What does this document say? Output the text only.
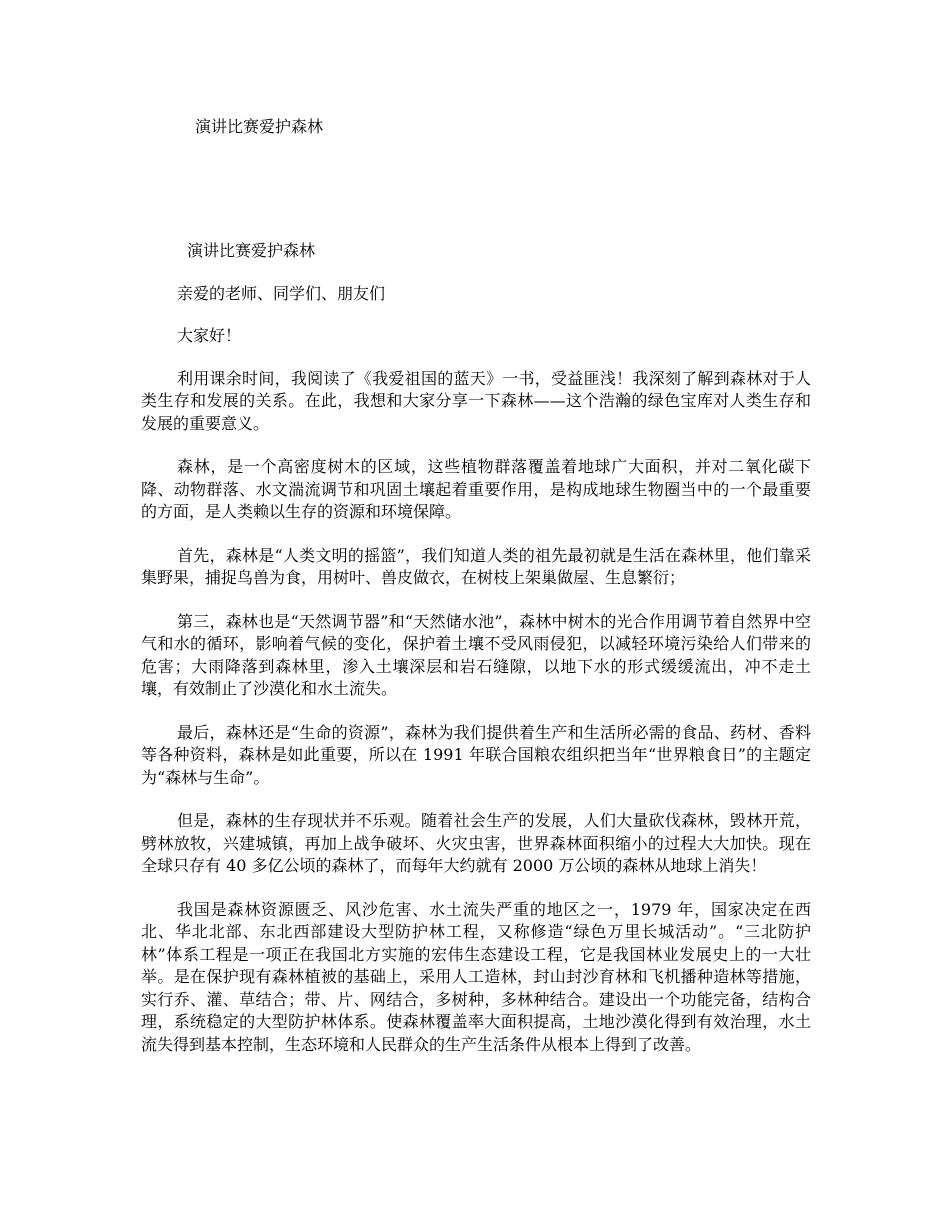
演讲比赛爱护森林
演讲比赛爱护森林

亲爱的老师、同学们、朋友们

大家好！

利用课余时间，我阅读了《我爱祖国的蓝天》一书，受益匪浅！我深刻了解到森林对于人类生存和发展的关系。在此，我想和大家分享一下森林——这个浩瀚的绿色宝库对人类生存和发展的重要意义。

森林，是一个高密度树木的区域，这些植物群落覆盖着地球广大面积，并对二氧化碳下降、动物群落、水文湍流调节和巩固土壤起着重要作用，是构成地球生物圈当中的一个最重要的方面，是人类赖以生存的资源和环境保障。

首先，森林是“人类文明的摇篮”，我们知道人类的祖先最初就是生活在森林里，他们靠采集野果，捕捉鸟兽为食，用树叶、兽皮做衣，在树枝上架巢做屋、生息繁衍；

第三，森林也是“天然调节器”和“天然储水池”，森林中树木的光合作用调节着自然界中空气和水的循环，影响着气候的变化，保护着土壤不受风雨侵犯，以减轻环境污染给人们带来的危害；大雨降落到森林里，渗入土壤深层和岩石缝隙，以地下水的形式缓缓流出，冲不走土壤，有效制止了沙漠化和水土流失。

最后，森林还是“生命的资源”，森林为我们提供着生产和生活所必需的食品、药材、香料等各种资料，森林是如此重要，所以在 1991 年联合国粮农组织把当年“世界粮食日”的主题定为“森林与生命”。

但是，森林的生存现状并不乐观。随着社会生产的发展，人们大量砍伐森林，毁林开荒，劈林放牧，兴建城镇，再加上战争破坏、火灾虫害，世界森林面积缩小的过程大大加快。现在全球只存有 40 多亿公顷的森林了，而每年大约就有 2000 万公顷的森林从地球上消失！

我国是森林资源匮乏、风沙危害、水土流失严重的地区之一，1979 年，国家决定在西北、华北北部、东北西部建设大型防护林工程，又称修造“绿色万里长城活动”。“三北防护林”体系工程是一项正在我国北方实施的宏伟生态建设工程，它是我国林业发展史上的一大壮举。是在保护现有森林植被的基础上，采用人工造林，封山封沙育林和飞机播种造林等措施，实行乔、灌、草结合；带、片、网结合，多树种，多林种结合。建设出一个功能完备，结构合理，系统稳定的大型防护林体系。使森林覆盖率大面积提高，土地沙漠化得到有效治理，水土流失得到基本控制，生态环境和人民群众的生产生活条件从根本上得到了改善。
